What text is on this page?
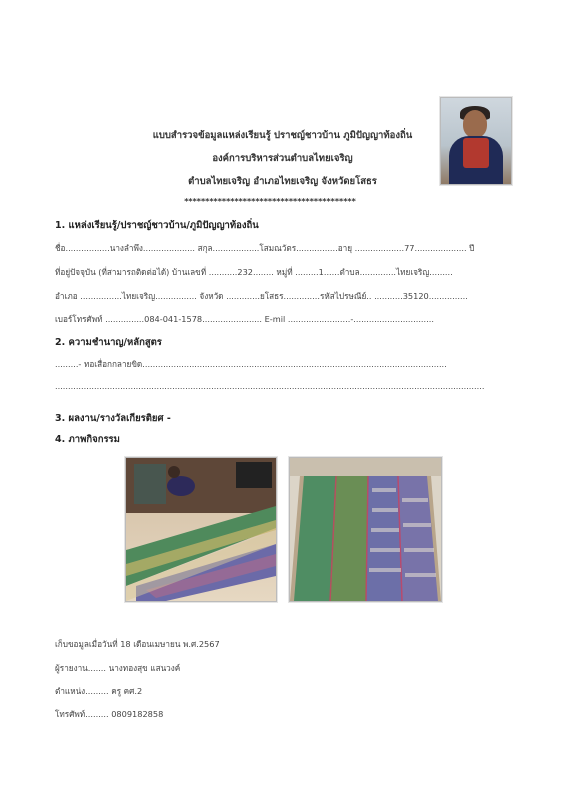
แบบสำรวจข้อมูลแหล่งเรียนรู้ ปราชญ์ชาวบ้าน ภูมิปัญญาท้องถิ่น
องค์การบริหารส่วนตำบลไทยเจริญ
ตำบลไทยเจริญ อำเภอไทยเจริญ จังหวัดยโสธร
*****************************************
1. แหล่งเรียนรู้/ปราชญ์ชาวบ้าน/ภูมิปัญญาท้องถิ่น
ชื่อ.................นางลำพึง.................... สกุล..................โสมณวัตร................อายุ ...................77.................... ปี
ที่อยู่ปัจจุบัน (ที่สามารถติดต่อได้) บ้านเลขที่ ...........232........ หมู่ที่ .........1......ตำบล..............ไทยเจริญ.........
อำเภอ ................ไทยเจริญ................ จังหวัด .............ยโสธร..............รหัสไปรษณีย์.. ...........35120...............
เบอร์โทรศัพท์ ...............084-041-1578....................... E-mil ........................-...............................
2. ความชำนาญ/หลักสูตร
.........- ทอเสื่อกกลายขิด.....................................................................................................................
.....................................................................................................................................................................
3. ผลงาน/รางวัลเกียรติยศ -
4. ภาพกิจกรรม
เก็บขอมูลเมื่อวันที่ 18 เดือนเมษายน พ.ศ.2567
ผู้รายงาน....... นางทองสุข แสนวงค์
ตำแหน่ง......... ครู คศ.2
โทรศัพท์......... 0809182858
